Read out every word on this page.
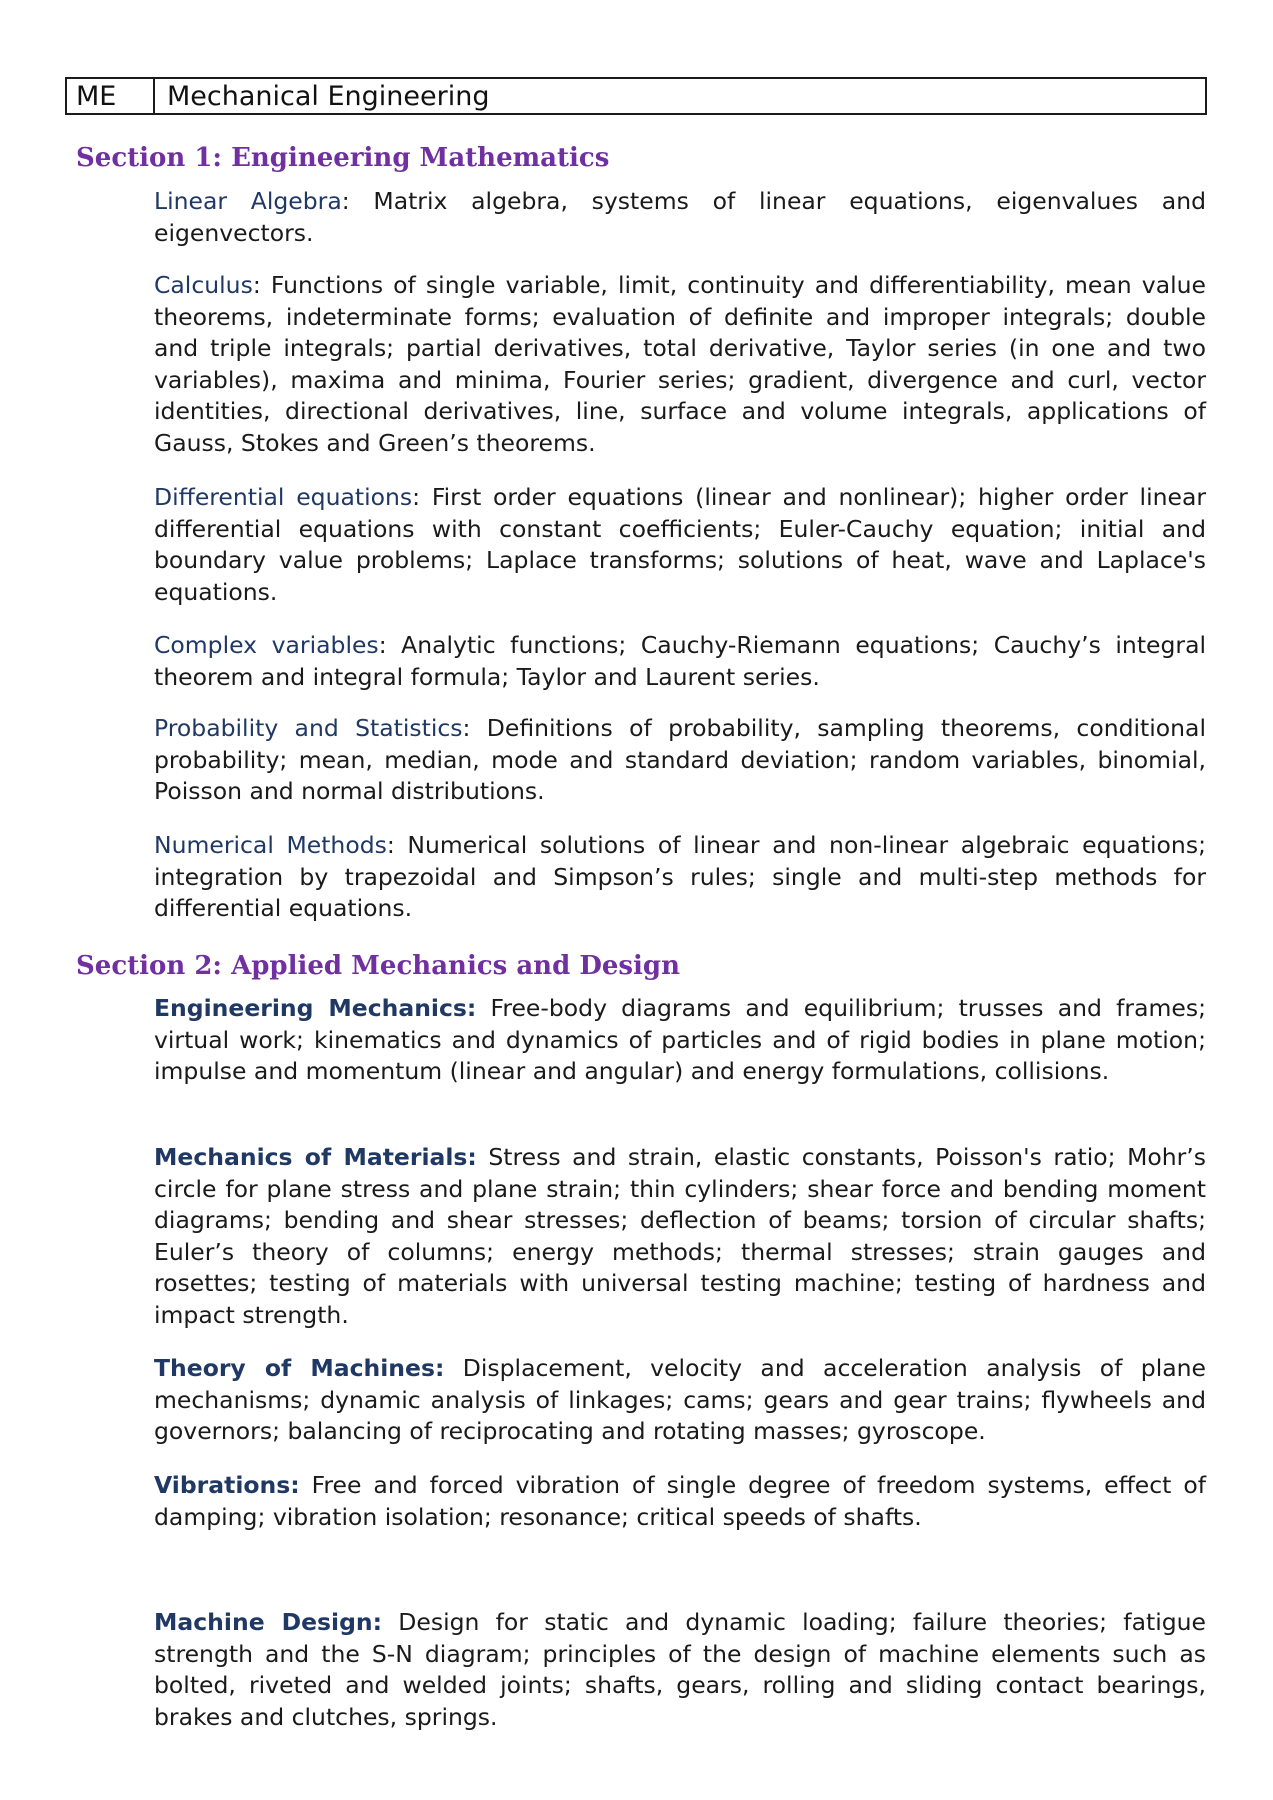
ME	Mechanical Engineering
Section 1: Engineering Mathematics

Linear Algebra: Matrix algebra, systems of linear equations, eigenvalues and eigenvectors.

Calculus: Functions of single variable, limit, continuity and differentiability, mean value theorems, indeterminate forms; evaluation of definite and improper integrals; double and triple integrals; partial derivatives, total derivative, Taylor series (in one and two variables), maxima and minima, Fourier series; gradient, divergence and curl, vector identities, directional derivatives, line, surface and volume integrals, applications of Gauss, Stokes and Green’s theorems.

Differential equations: First order equations (linear and nonlinear); higher order linear differential equations with constant coefficients; Euler-Cauchy equation; initial and boundary value problems; Laplace transforms; solutions of heat, wave and Laplace's equations.

Complex variables: Analytic functions; Cauchy-Riemann equations; Cauchy’s integral theorem and integral formula; Taylor and Laurent series.

Probability and Statistics: Definitions of probability, sampling theorems, conditional probability; mean, median, mode and standard deviation; random variables, binomial, Poisson and normal distributions.

Numerical Methods: Numerical solutions of linear and non-linear algebraic equations; integration by trapezoidal and Simpson’s rules; single and multi-step methods for differential equations.

Section 2: Applied Mechanics and Design

Engineering Mechanics: Free-body diagrams and equilibrium; trusses and frames; virtual work; kinematics and dynamics of particles and of rigid bodies in plane motion; impulse and momentum (linear and angular) and energy formulations, collisions.

Mechanics of Materials: Stress and strain, elastic constants, Poisson's ratio; Mohr’s circle for plane stress and plane strain; thin cylinders; shear force and bending moment diagrams; bending and shear stresses; deflection of beams; torsion of circular shafts; Euler’s theory of columns; energy methods; thermal stresses; strain gauges and rosettes; testing of materials with universal testing machine; testing of hardness and impact strength.

Theory of Machines: Displacement, velocity and acceleration analysis of plane mechanisms; dynamic analysis of linkages; cams; gears and gear trains; flywheels and governors; balancing of reciprocating and rotating masses; gyroscope.

Vibrations: Free and forced vibration of single degree of freedom systems, effect of damping; vibration isolation; resonance; critical speeds of shafts.

Machine Design: Design for static and dynamic loading; failure theories; fatigue strength and the S-N diagram; principles of the design of machine elements such as bolted, riveted and welded joints; shafts, gears, rolling and sliding contact bearings, brakes and clutches, springs.
